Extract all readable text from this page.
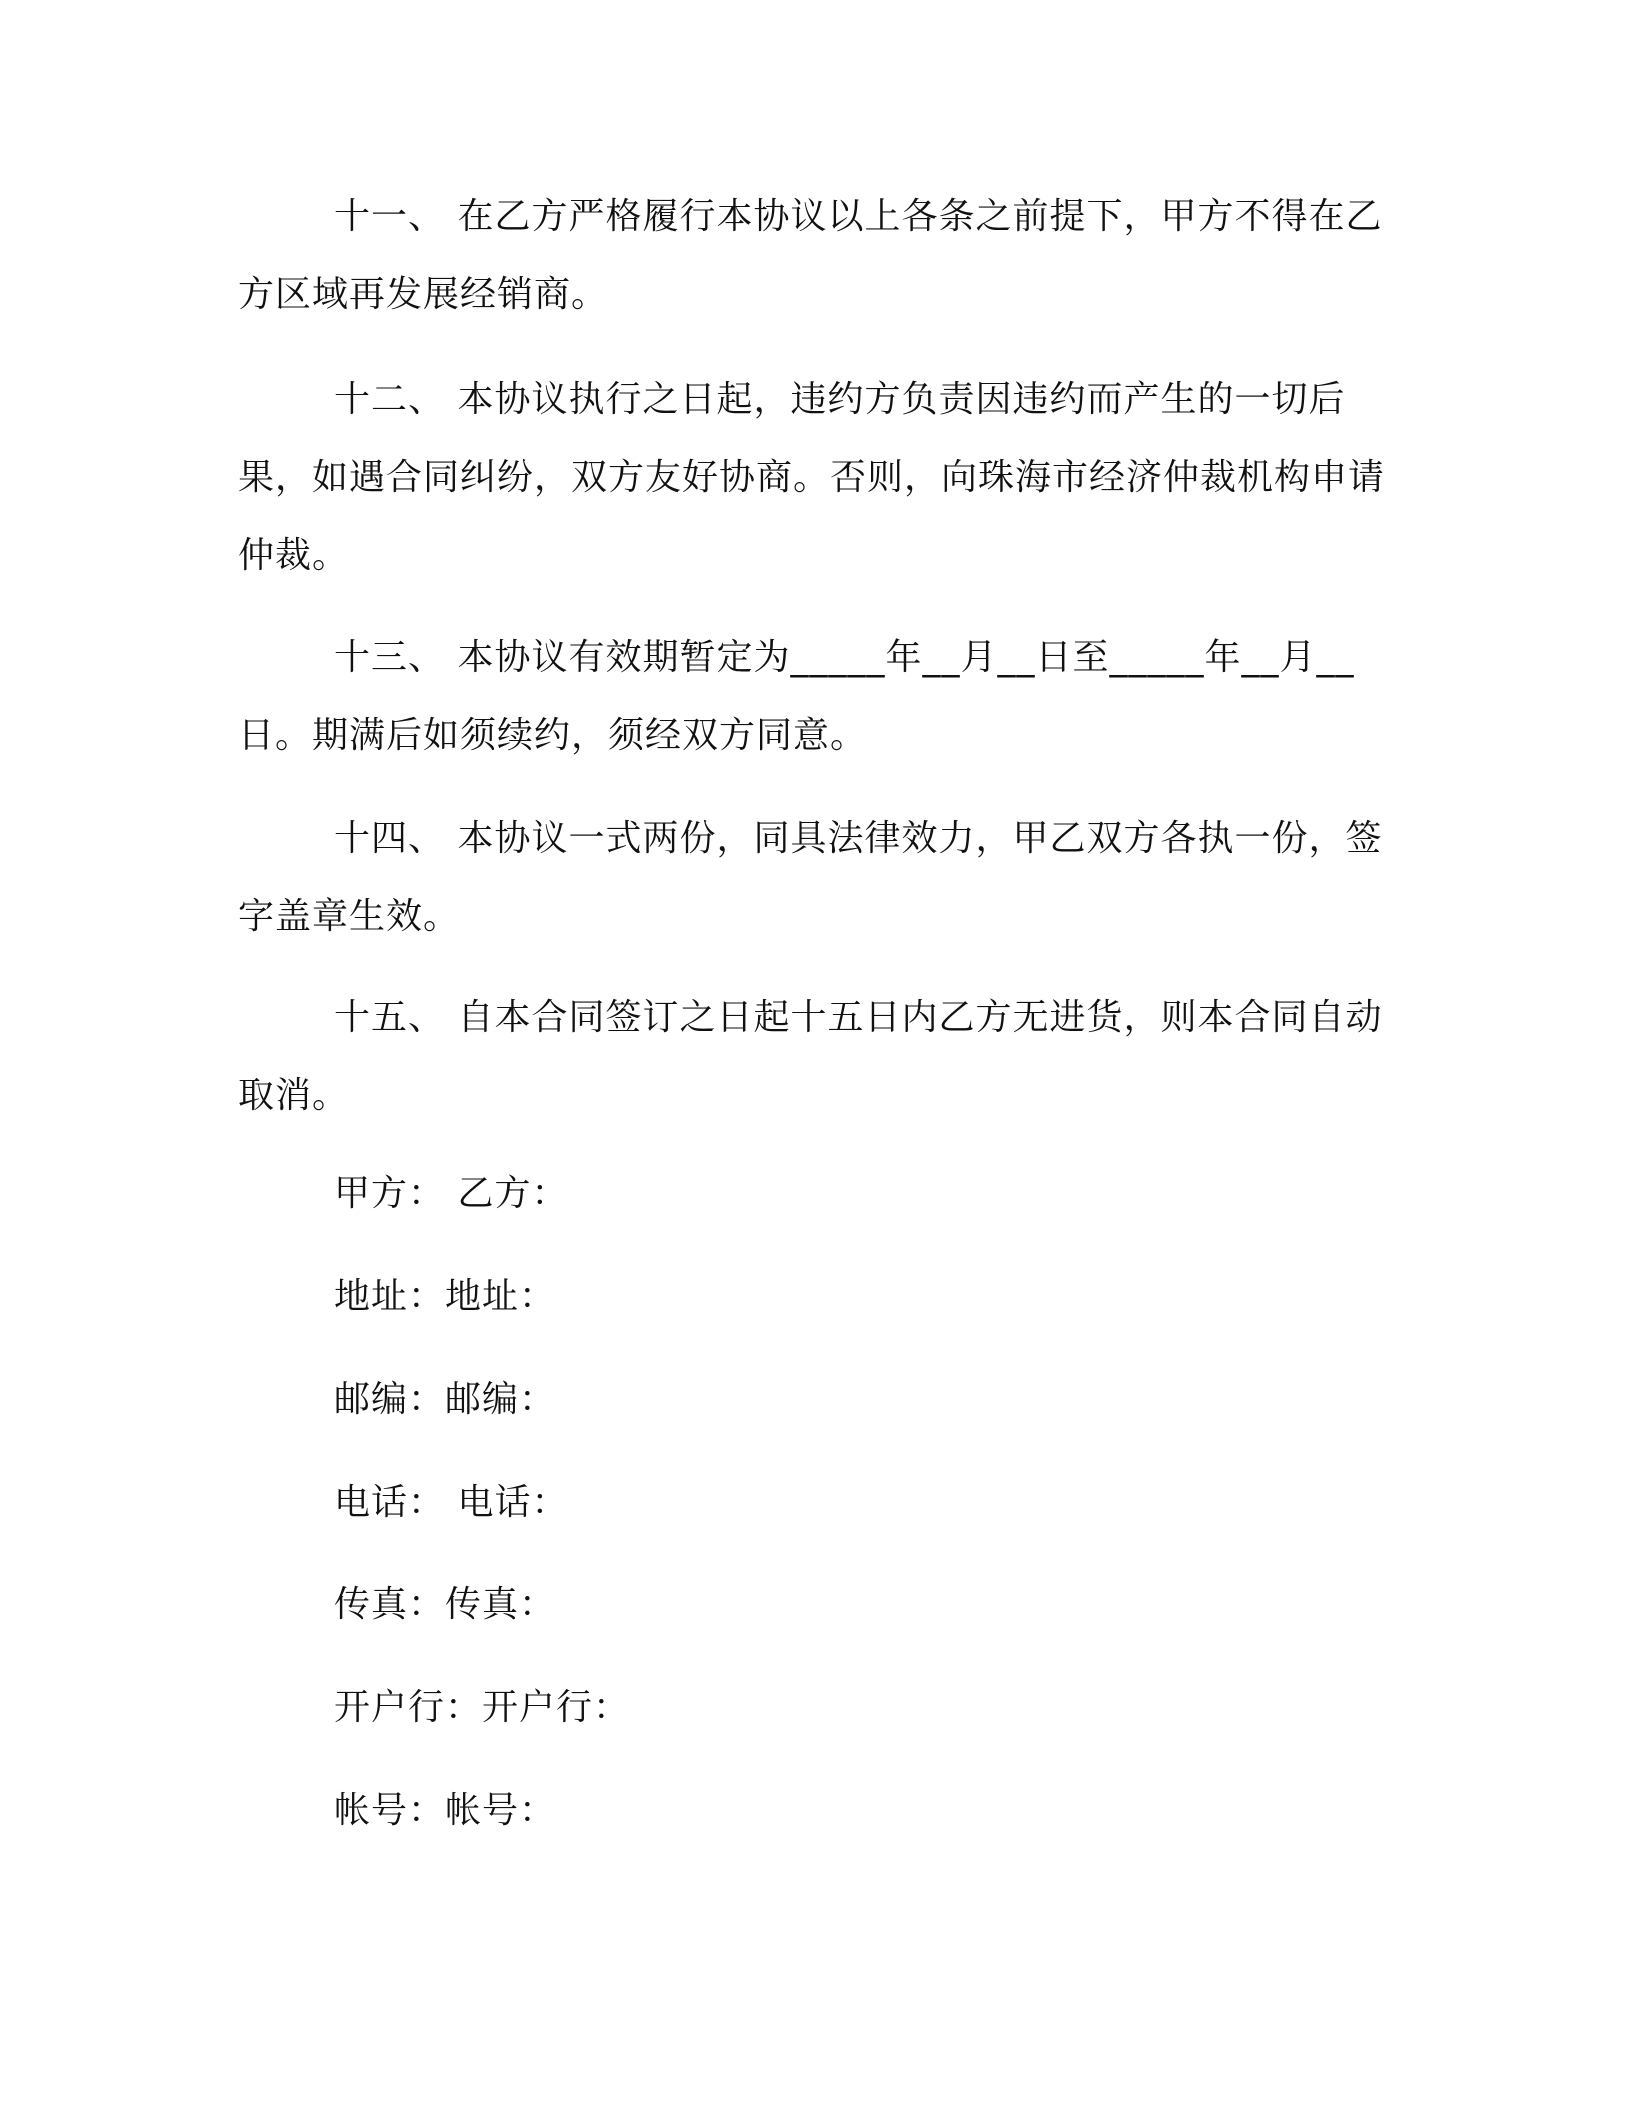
十一、 在乙方严格履行本协议以上各条之前提下，甲方不得在乙方区域再发展经销商。

十二、 本协议执行之日起，违约方负责因违约而产生的一切后果，如遇合同纠纷，双方友好协商。否则，向珠海市经济仲裁机构申请仲裁。

十三、 本协议有效期暂定为_____年__月__日至_____年__月__日。期满后如须续约，须经双方同意。

十四、 本协议一式两份，同具法律效力，甲乙双方各执一份，签字盖章生效。

十五、 自本合同签订之日起十五日内乙方无进货，则本合同自动取消。

甲方： 乙方：

地址：地址：

邮编：邮编：

电话： 电话：

传真：传真：

开户行：开户行：

帐号：帐号：
